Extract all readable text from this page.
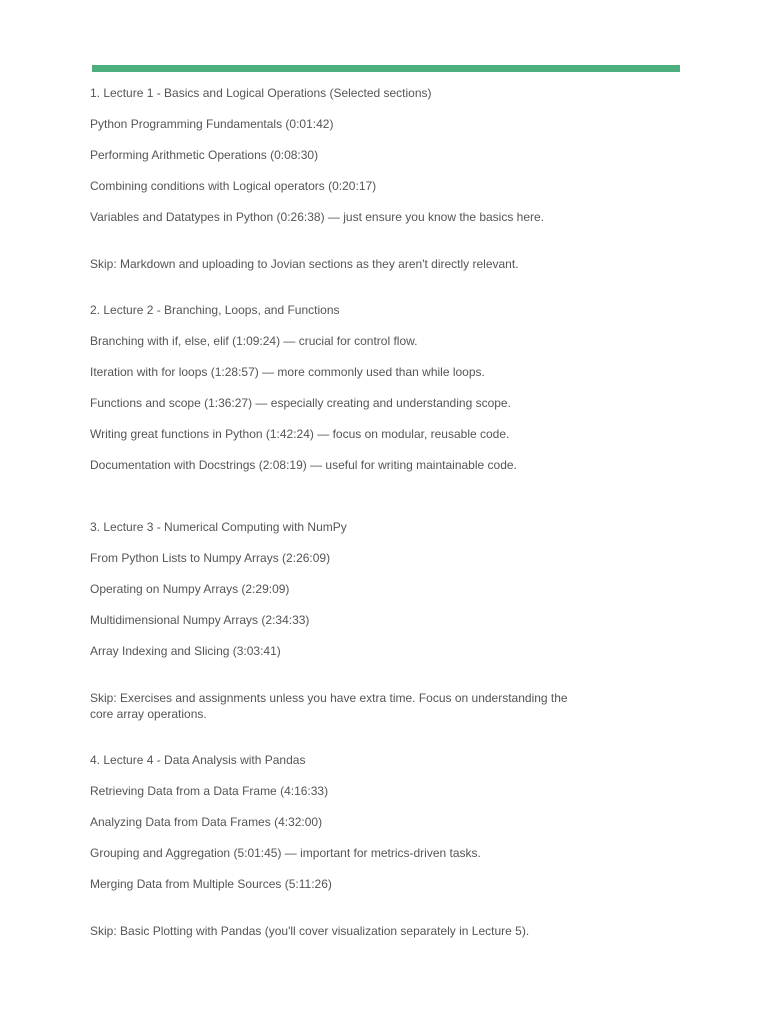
1. Lecture 1 - Basics and Logical Operations (Selected sections)

Python Programming Fundamentals (0:01:42)

Performing Arithmetic Operations (0:08:30)

Combining conditions with Logical operators (0:20:17)

Variables and Datatypes in Python (0:26:38) — just ensure you know the basics here.

Skip: Markdown and uploading to Jovian sections as they aren't directly relevant.

2. Lecture 2 - Branching, Loops, and Functions

Branching with if, else, elif (1:09:24) — crucial for control flow.

Iteration with for loops (1:28:57) — more commonly used than while loops.

Functions and scope (1:36:27) — especially creating and understanding scope.

Writing great functions in Python (1:42:24) — focus on modular, reusable code.

Documentation with Docstrings (2:08:19) — useful for writing maintainable code.

3. Lecture 3 - Numerical Computing with NumPy

From Python Lists to Numpy Arrays (2:26:09)

Operating on Numpy Arrays (2:29:09)

Multidimensional Numpy Arrays (2:34:33)

Array Indexing and Slicing (3:03:41)

Skip: Exercises and assignments unless you have extra time. Focus on understanding the core array operations.

4. Lecture 4 - Data Analysis with Pandas

Retrieving Data from a Data Frame (4:16:33)

Analyzing Data from Data Frames (4:32:00)

Grouping and Aggregation (5:01:45) — important for metrics-driven tasks.

Merging Data from Multiple Sources (5:11:26)

Skip: Basic Plotting with Pandas (you'll cover visualization separately in Lecture 5).
